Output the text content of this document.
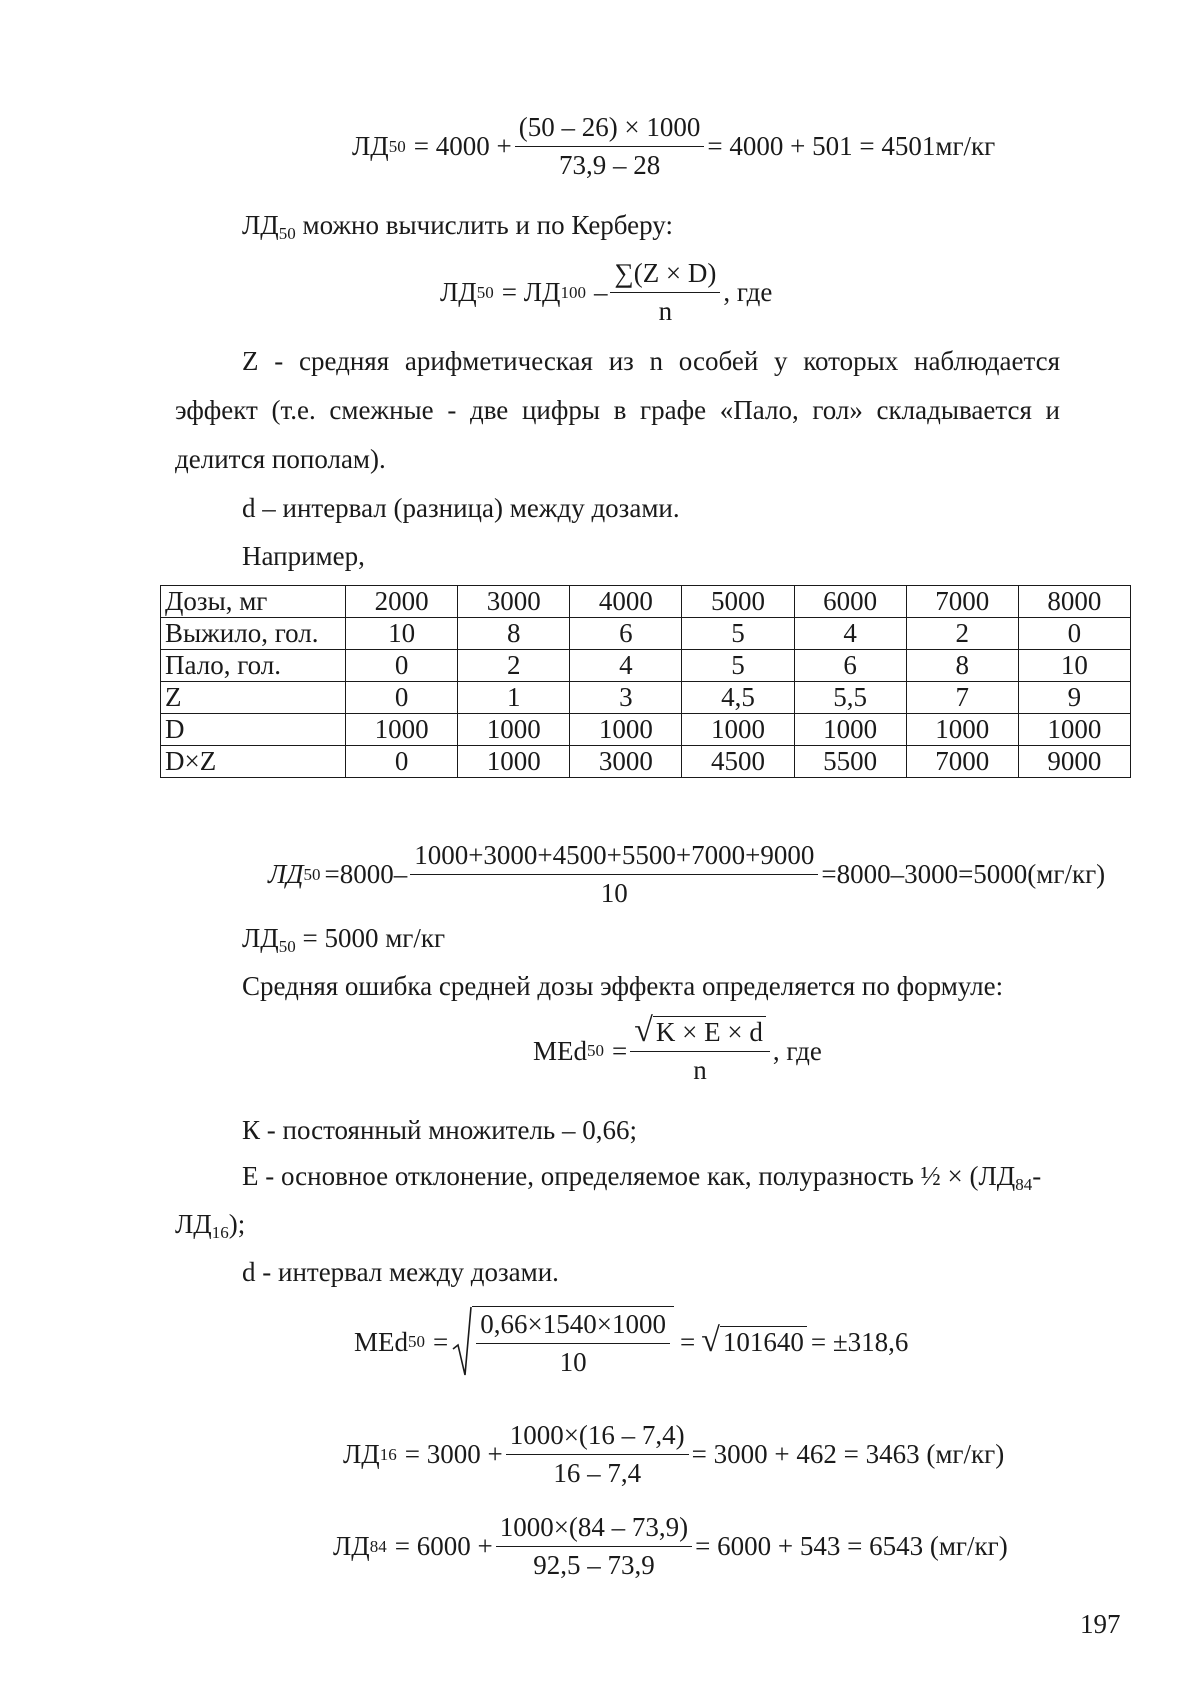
ЛД $50 = 4000 + \frac{(50 - 26) \times 1000}{73,9 - 28} = 4000 + 501 = 4501мг/кг$
$ЛД_{50}$ можно вычислить и по Керберу:
ЛД 50 = ЛД $100 - \frac{\sum(Z \times D)}{n}$ , где
Z - средняя арифметическая из n особей у которых наблюдается эффект (т.е. смежные - две цифры в графе «Пало, гол» складывается и делится пополам).
d – интервал (разница) между дозами.
Например,
Дозы, мг	2000	3000	4000	5000	6000	7000	8000
Выжило, гол.	10	8	6	5	4	2	0
Пало, гол.	0	2	4	5	6	8	10
Z	0	1	3	4,5	5,5	7	9
D	1000	1000	1000	1000	1000	1000	1000
D×Z	0	1000	3000	4500	5500	7000	9000
ЛД $50 =8000- \frac{1000+3000+4500+5500+7000+9000}{10} =8000-3000=5000(мг/кг)$
$ЛД_{50} = 5000$ мг/кг
Средняя ошибка средней дозы эффекта определяется по формуле:
MEd $50 = \frac{√ K \times E \times d}{n}$ , где
К - постоянный множитель – 0,66;
Е - основное отклонение, определяемое как, полуразность ½ × ($ЛД_{84}-$
$ЛД_{16}$);
d - интервал между дозами.
MEd $50 = \frac{0,66\times 1540\times 1000}{10}$ = √ 101640 = ±318,6
ЛД $16 = 3000 + \frac{1000\times(16 - 7,4)}{16 - 7,4} = 3000 + 462 = 3463$ (мг/кг)
ЛД $84 = 6000 + \frac{1000\times(84 - 73,9)}{92,5 - 73,9} = 6000 + 543 = 6543$ (мг/кг)
197
